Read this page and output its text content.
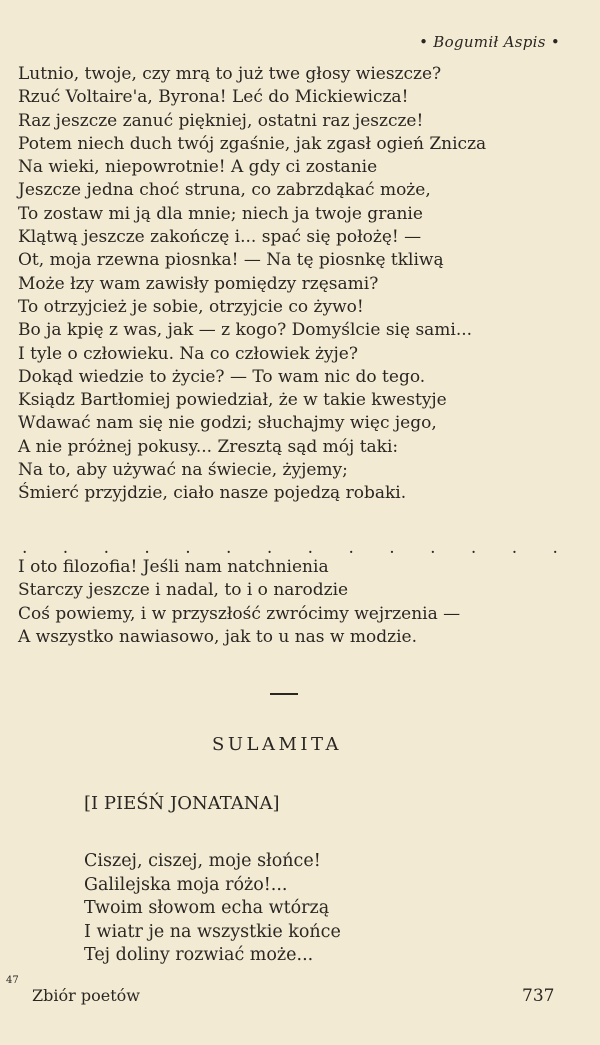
• Bogumił Aspis •
Lutnio, twoje, czy mrą to już twe głosy wieszcze?
Rzuć Voltaire'a, Byrona! Leć do Mickiewicza!
Raz jeszcze zanuć piękniej, ostatni raz jeszcze!
Potem niech duch twój zgaśnie, jak zgasł ogień Znicza
Na wieki, niepowrotnie! A gdy ci zostanie
Jeszcze jedna choć struna, co zabrzdąkać może,
To zostaw mi ją dla mnie; niech ja twoje granie
Klątwą jeszcze zakończę i... spać się położę! —
Ot, moja rzewna piosnka! — Na tę piosnkę tkliwą
Może łzy wam zawisły pomiędzy rzęsami?
To otrzyjcież je sobie, otrzyjcie co żywo!
Bo ja kpię z was, jak — z kogo? Domyślcie się sami...
I tyle o człowieku. Na co człowiek żyje?
Dokąd wiedzie to życie? — To wam nic do tego.
Ksiądz Bartłomiej powiedział, że w takie kwestyje
Wdawać nam się nie godzi; słuchajmy więc jego,
A nie próżnej pokusy... Zresztą sąd mój taki:
Na to, aby używać na świecie, żyjemy;
Śmierć przyjdzie, ciało nasze pojedzą robaki.
. . . . . . . . . . . . . .
I oto filozofia! Jeśli nam natchnienia
Starczy jeszcze i nadal, to i o narodzie
Coś powiemy, i w przyszłość zwrócimy wejrzenia —
A wszystko nawiasowo, jak to u nas w modzie.
SULAMITA
[I PIEŚŃ JONATANA]
Ciszej, ciszej, moje słońce!
Galilejska moja różo!...
Twoim słowom echa wtórzą
I wiatr je na wszystkie końce
Tej doliny rozwiać może...
47
Zbiór poetów	737
